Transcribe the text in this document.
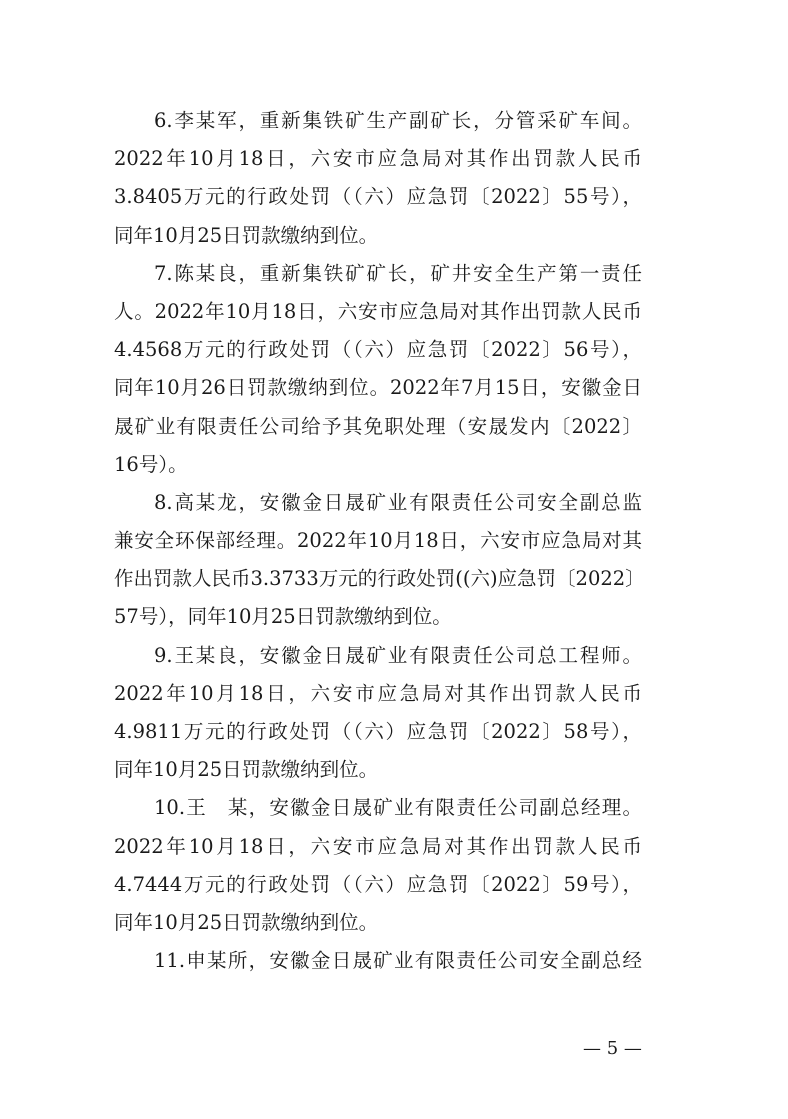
6.李某军，重新集铁矿生产副矿长，分管采矿车间。
2022年10月18日，六安市应急局对其作出罚款人民币
3.8405万元的行政处罚（（六）应急罚〔2022〕55号），
同年10月25日罚款缴纳到位。
7.陈某良，重新集铁矿矿长，矿井安全生产第一责任
人。2022年10月18日，六安市应急局对其作出罚款人民币
4.4568万元的行政处罚（（六）应急罚〔2022〕56号），
同年10月26日罚款缴纳到位。2022年7月15日，安徽金日
晟矿业有限责任公司给予其免职处理（安晟发内〔2022〕
16号）。
8.高某龙，安徽金日晟矿业有限责任公司安全副总监
兼安全环保部经理。2022年10月18日，六安市应急局对其
作出罚款人民币3.3733万元的行政处罚((六)应急罚〔2022〕
57号），同年10月25日罚款缴纳到位。
9.王某良，安徽金日晟矿业有限责任公司总工程师。
2022年10月18日，六安市应急局对其作出罚款人民币
4.9811万元的行政处罚（（六）应急罚〔2022〕58号），
同年10月25日罚款缴纳到位。
10.王　某，安徽金日晟矿业有限责任公司副总经理。
2022年10月18日，六安市应急局对其作出罚款人民币
4.7444万元的行政处罚（（六）应急罚〔2022〕59号），
同年10月25日罚款缴纳到位。
11.申某所，安徽金日晟矿业有限责任公司安全副总经
— 5 —
